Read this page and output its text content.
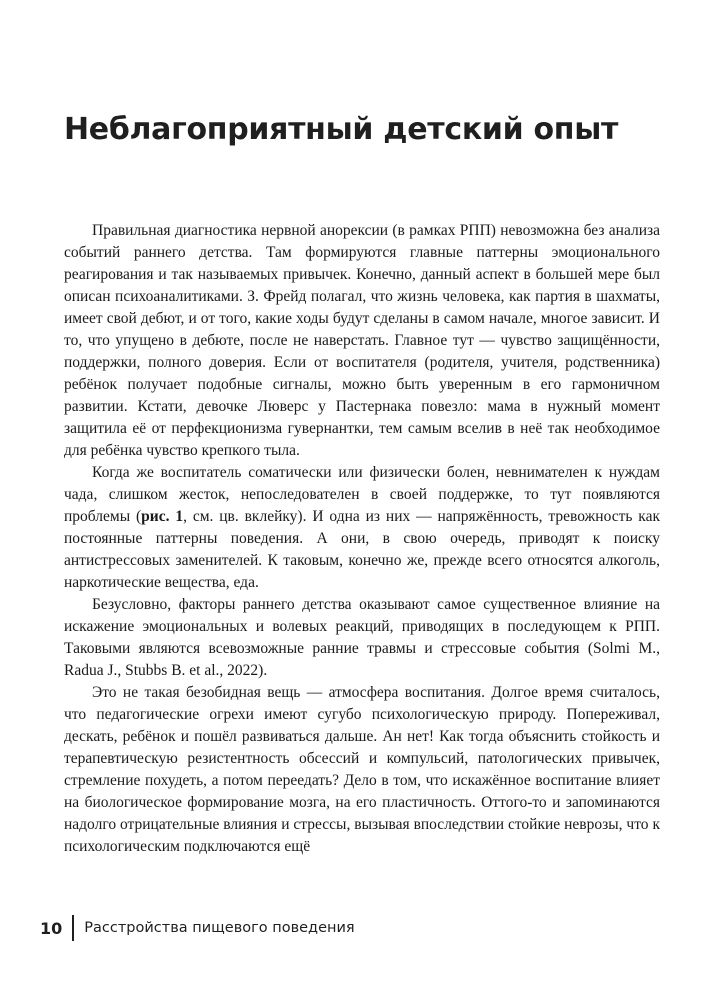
Неблагоприятный детский опыт

Правильная диагностика нервной анорексии (в рамках РПП) невозможна без анализа событий раннего детства. Там формируются главные паттерны эмоционального реагирования и так называемых привычек. Конечно, данный аспект в большей мере был описан психоаналитиками. З. Фрейд полагал, что жизнь человека, как партия в шахматы, имеет свой дебют, и от того, какие ходы будут сделаны в самом начале, многое зависит. И то, что упущено в дебюте, после не наверстать. Главное тут — чувство защищённости, поддержки, полного доверия. Если от воспитателя (родителя, учителя, родственника) ребёнок получает подобные сигналы, можно быть уверенным в его гармоничном развитии. Кстати, девочке Люверс у Пастернака повезло: мама в нужный момент защитила её от перфекционизма гувернантки, тем самым вселив в неё так необходимое для ребёнка чувство крепкого тыла.

Когда же воспитатель соматически или физически болен, невнимателен к нуждам чада, слишком жесток, непоследователен в своей поддержке, то тут появляются проблемы (рис. 1, см. цв. вклейку). И одна из них — напряжённость, тревожность как постоянные паттерны поведения. А они, в свою очередь, приводят к поиску антистрессовых заменителей. К таковым, конечно же, прежде всего относятся алкоголь, наркотические вещества, еда.

Безусловно, факторы раннего детства оказывают самое существенное влияние на искажение эмоциональных и волевых реакций, приводящих в последующем к РПП. Таковыми являются всевозможные ранние травмы и стрессовые события (Solmi M., Radua J., Stubbs B. et al., 2022).

Это не такая безобидная вещь — атмосфера воспитания. Долгое время считалось, что педагогические огрехи имеют сугубо психологическую природу. Попереживал, дескать, ребёнок и пошёл развиваться дальше. Ан нет! Как тогда объяснить стойкость и терапевтическую резистентность обсессий и компульсий, патологических привычек, стремление похудеть, а потом переедать? Дело в том, что искажённое воспитание влияет на биологическое формирование мозга, на его пластичность. Оттого-то и запоминаются надолго отрицательные влияния и стрессы, вызывая впоследствии стойкие неврозы, что к психологическим подключаются ещё

10 Расстройства пищевого поведения
